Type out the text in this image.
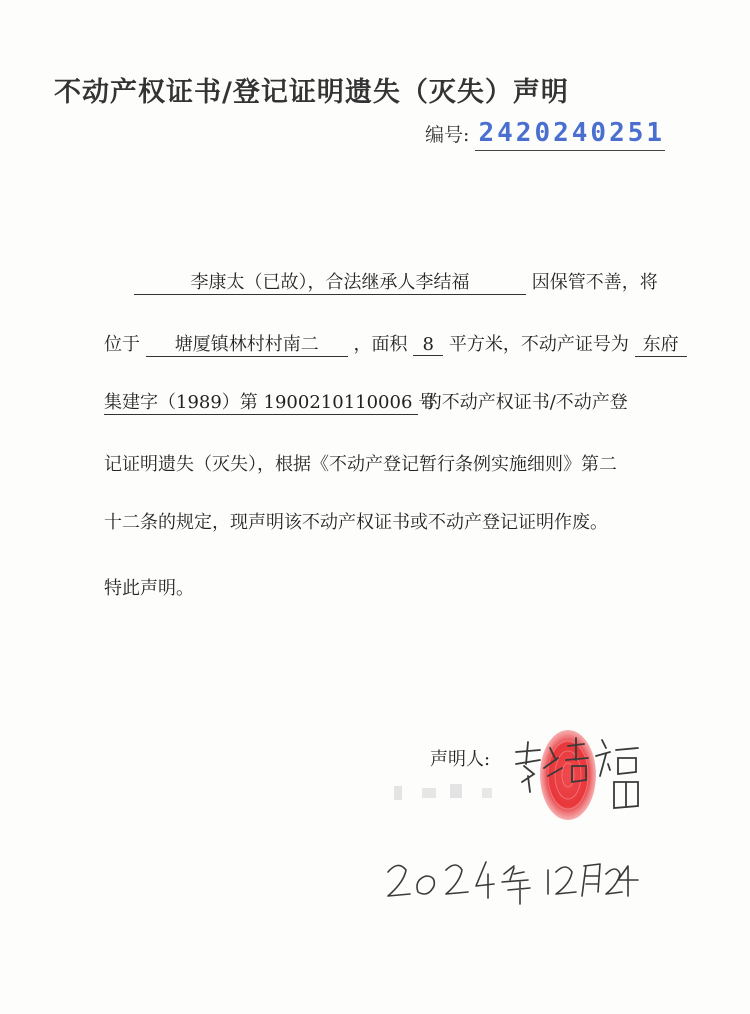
不动产权证书/登记证明遗失（灭失）声明
编号: 2420240251
李康太（已故），合法继承人李结福	因保管不善，将
位于 塘厦镇林村村南二 ，面积 8 平方米，不动产证号为 东府
集建字（1989）第 1900210110006 号 的不动产权证书/不动产登
记证明遗失（灭失），根据《不动产登记暂行条例实施细则》第二
十二条的规定，现声明该不动产权证书或不动产登记证明作废。
特此声明。
声明人:
